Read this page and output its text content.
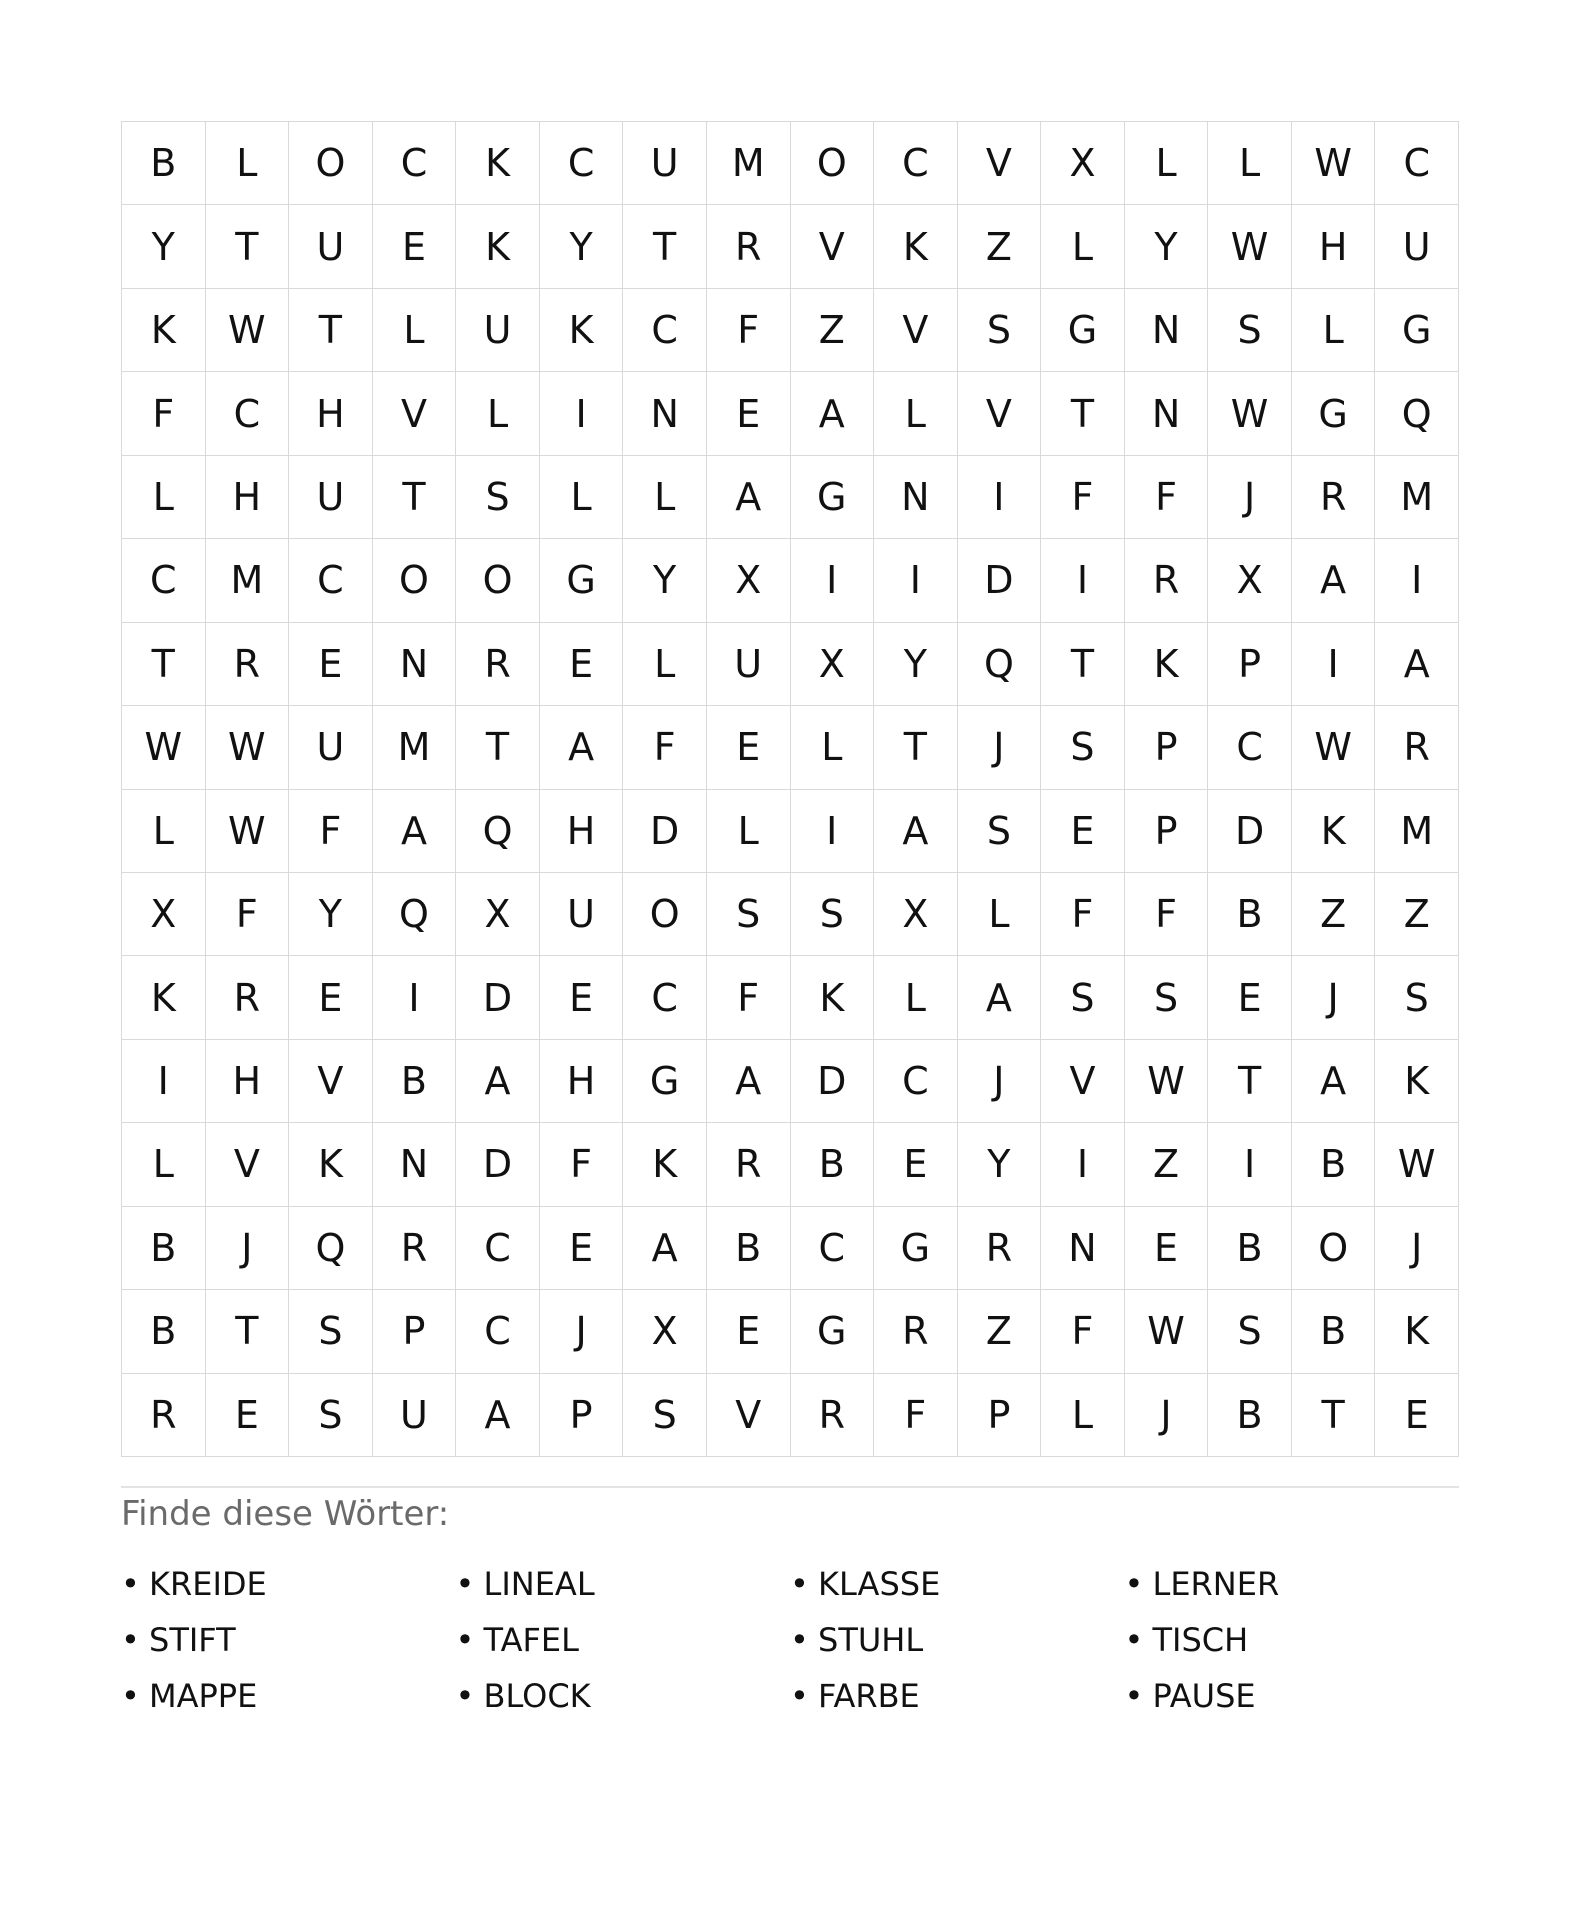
B	L	O	C	K	C	U	M	O	C	V	X	L	L	W	C
Y	T	U	E	K	Y	T	R	V	K	Z	L	Y	W	H	U
K	W	T	L	U	K	C	F	Z	V	S	G	N	S	L	G
F	C	H	V	L	I	N	E	A	L	V	T	N	W	G	Q
L	H	U	T	S	L	L	A	G	N	I	F	F	J	R	M
C	M	C	O	O	G	Y	X	I	I	D	I	R	X	A	I
T	R	E	N	R	E	L	U	X	Y	Q	T	K	P	I	A
W	W	U	M	T	A	F	E	L	T	J	S	P	C	W	R
L	W	F	A	Q	H	D	L	I	A	S	E	P	D	K	M
X	F	Y	Q	X	U	O	S	S	X	L	F	F	B	Z	Z
K	R	E	I	D	E	C	F	K	L	A	S	S	E	J	S
I	H	V	B	A	H	G	A	D	C	J	V	W	T	A	K
L	V	K	N	D	F	K	R	B	E	Y	I	Z	I	B	W
B	J	Q	R	C	E	A	B	C	G	R	N	E	B	O	J
B	T	S	P	C	J	X	E	G	R	Z	F	W	S	B	K
R	E	S	U	A	P	S	V	R	F	P	L	J	B	T	E
Finde diese Wörter:
• KREIDE	• LINEAL	• KLASSE	• LERNER
• STIFT	• TAFEL	• STUHL	• TISCH
• MAPPE	• BLOCK	• FARBE	• PAUSE
